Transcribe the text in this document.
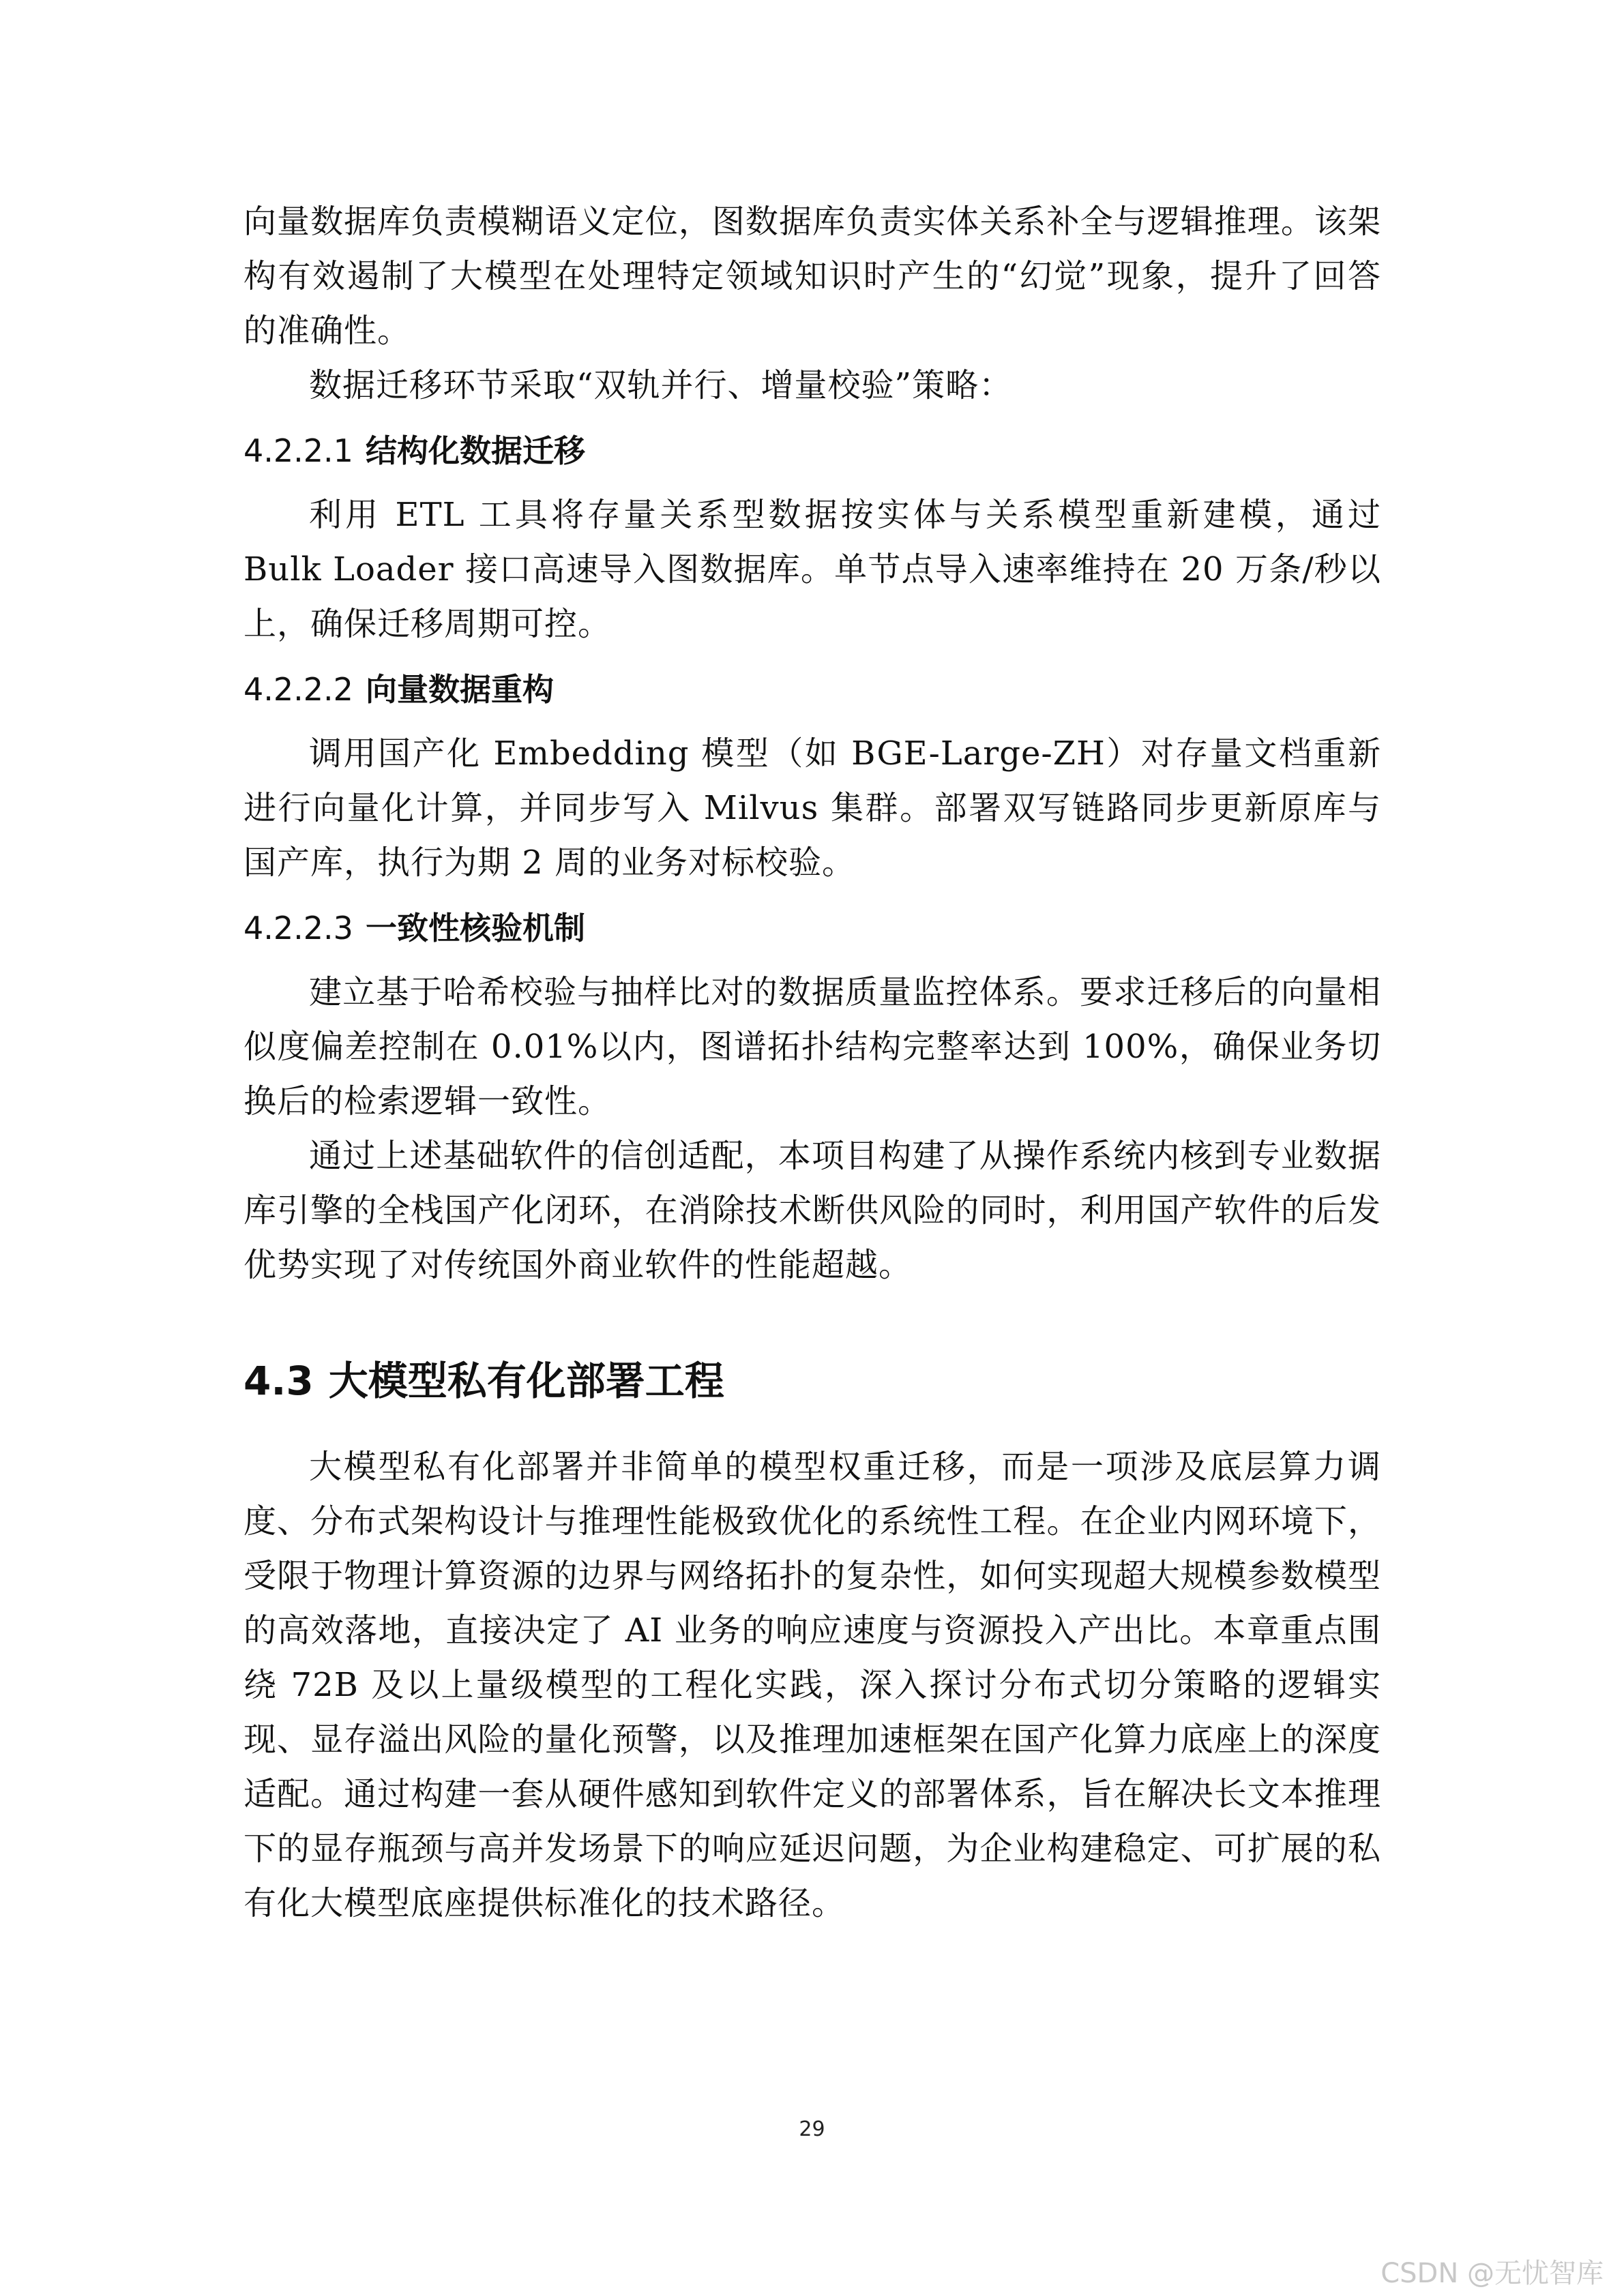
向量数据库负责模糊语义定位，图数据库负责实体关系补全与逻辑推理。该架构有效遏制了大模型在处理特定领域知识时产生的“幻觉”现象，提升了回答的准确性。

数据迁移环节采取“双轨并行、增量校验”策略：

4.2.2.1 结构化数据迁移

利用 ETL 工具将存量关系型数据按实体与关系模型重新建模，通过 Bulk Loader 接口高速导入图数据库。单节点导入速率维持在 20 万条/秒以上，确保迁移周期可控。

4.2.2.2 向量数据重构

调用国产化 Embedding 模型（如 BGE-Large-ZH）对存量文档重新进行向量化计算，并同步写入 Milvus 集群。部署双写链路同步更新原库与国产库，执行为期 2 周的业务对标校验。

4.2.2.3 一致性核验机制

建立基于哈希校验与抽样比对的数据质量监控体系。要求迁移后的向量相似度偏差控制在 0.01%以内，图谱拓扑结构完整率达到 100%，确保业务切换后的检索逻辑一致性。

通过上述基础软件的信创适配，本项目构建了从操作系统内核到专业数据库引擎的全栈国产化闭环，在消除技术断供风险的同时，利用国产软件的后发优势实现了对传统国外商业软件的性能超越。

4.3 大模型私有化部署工程

大模型私有化部署并非简单的模型权重迁移，而是一项涉及底层算力调度、分布式架构设计与推理性能极致优化的系统性工程。在企业内网环境下，受限于物理计算资源的边界与网络拓扑的复杂性，如何实现超大规模参数模型的高效落地，直接决定了 AI 业务的响应速度与资源投入产出比。本章重点围绕 72B 及以上量级模型的工程化实践，深入探讨分布式切分策略的逻辑实现、显存溢出风险的量化预警，以及推理加速框架在国产化算力底座上的深度适配。通过构建一套从硬件感知到软件定义的部署体系，旨在解决长文本推理下的显存瓶颈与高并发场景下的响应延迟问题，为企业构建稳定、可扩展的私有化大模型底座提供标准化的技术路径。

29
CSDN @无忧智库
